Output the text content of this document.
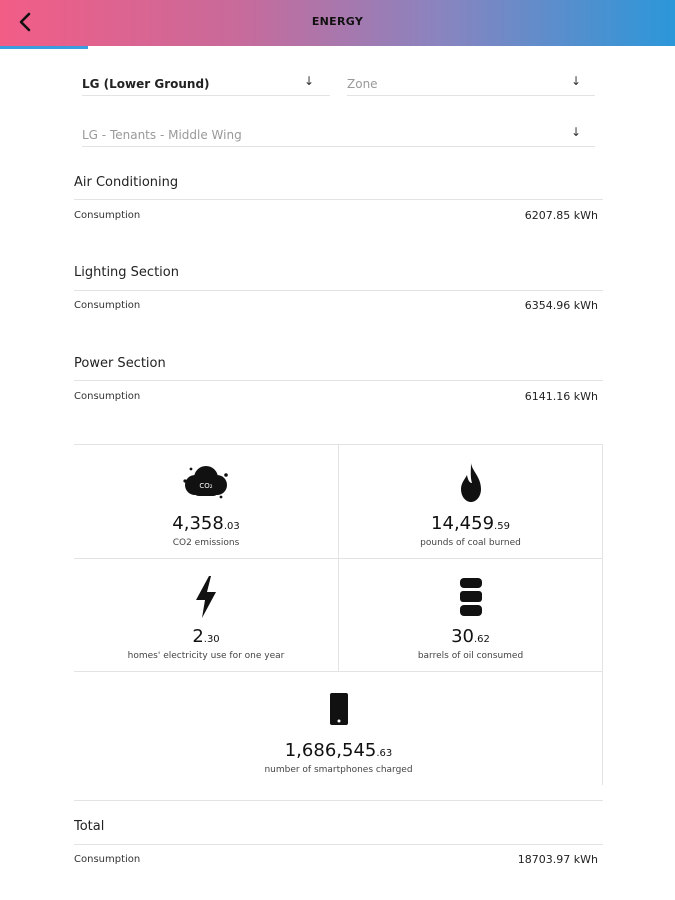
ENERGY
LG (Lower Ground)	↓	Zone	↓
LG - Tenants - Middle Wing	↓
Air Conditioning
Consumption	6207.85 kWh
Lighting Section
Consumption	6354.96 kWh
Power Section
Consumption	6141.16 kWh
CO₂
4,358.03
CO2 emissions
14,459.59
pounds of coal burned
2.30
homes' electricity use for one year
30.62
barrels of oil consumed
1,686,545.63
number of smartphones charged
Total
Consumption	18703.97 kWh
